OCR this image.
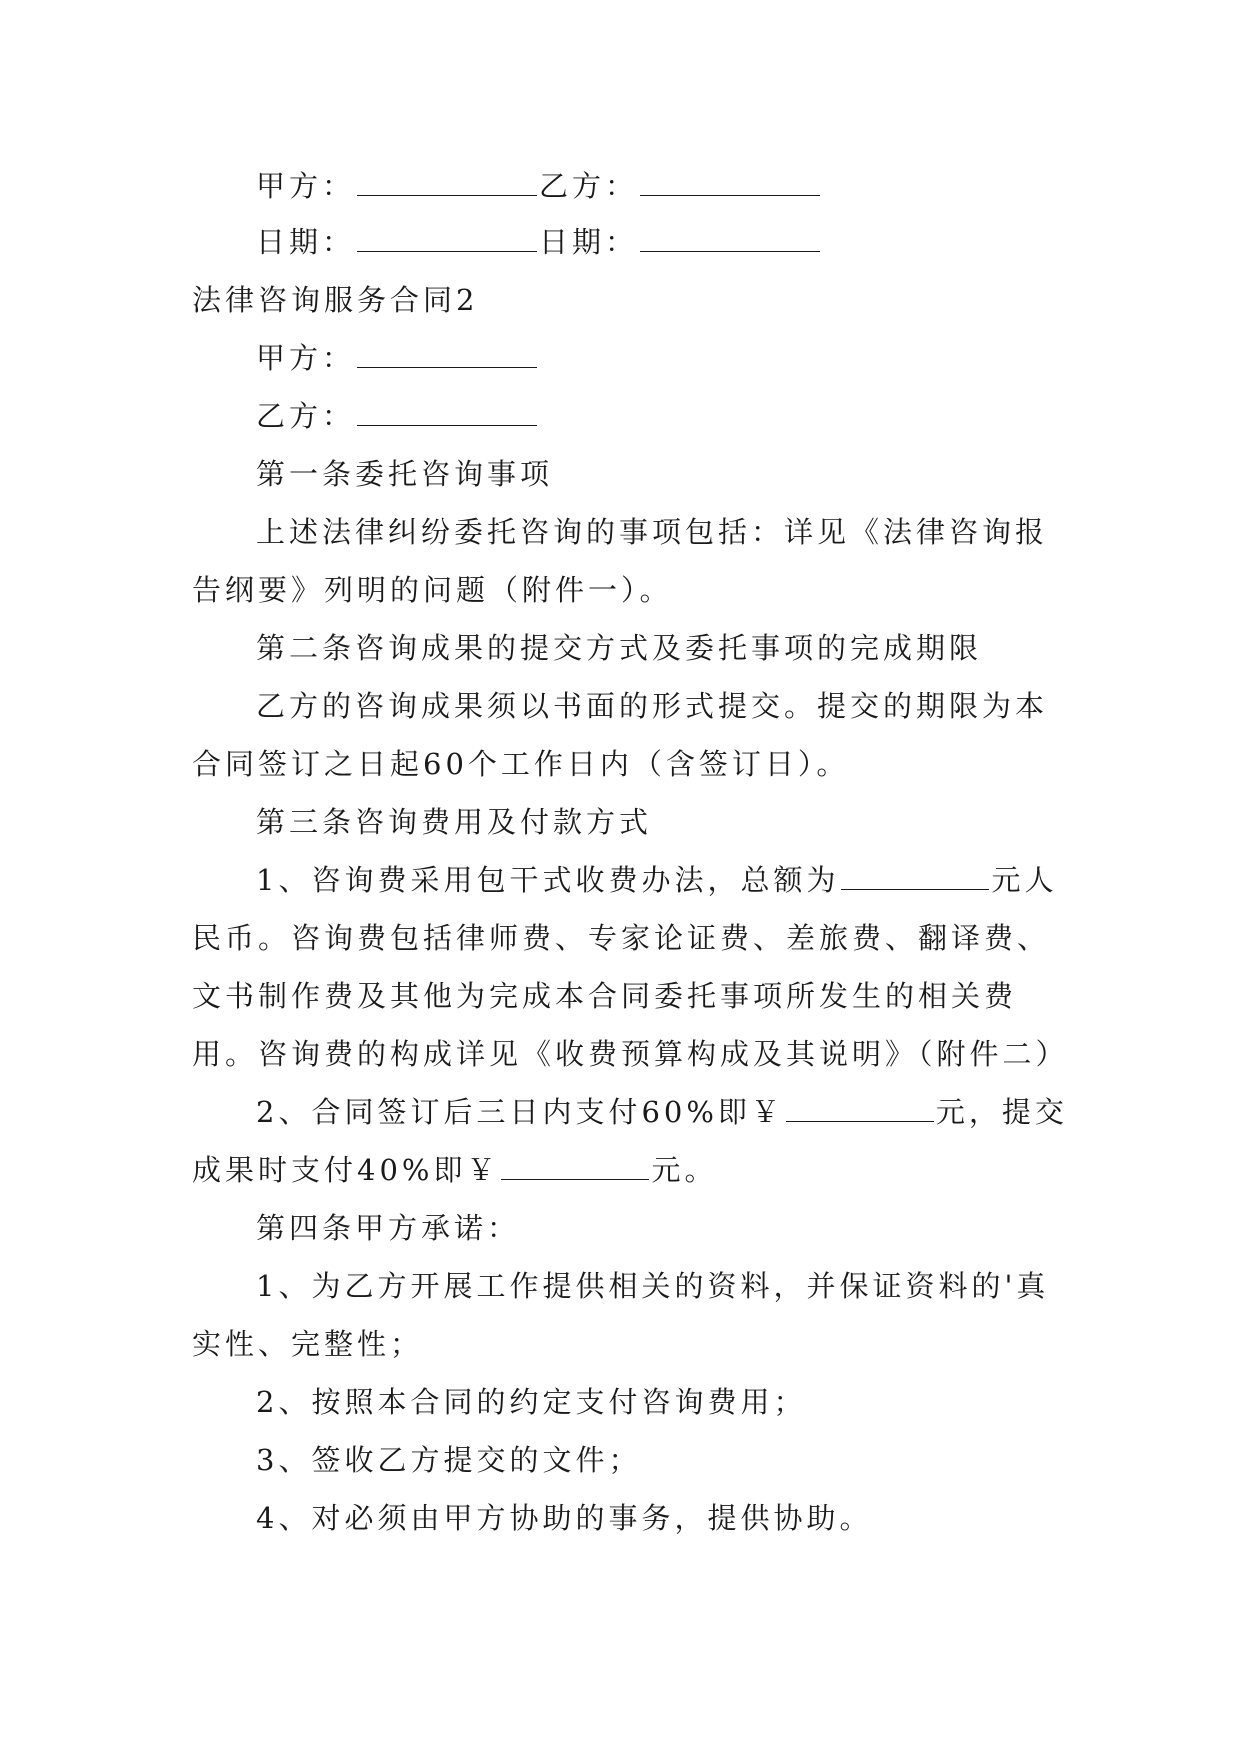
甲方：	乙方：
日期：	日期：
法律咨询服务合同2
甲方：
乙方：
第一条委托咨询事项
上述法律纠纷委托咨询的事项包括：详见《法律咨询报
告纲要》列明的问题（附件一）。
第二条咨询成果的提交方式及委托事项的完成期限
乙方的咨询成果须以书面的形式提交。提交的期限为本
合同签订之日起60个工作日内（含签订日）。
第三条咨询费用及付款方式
1、咨询费采用包干式收费办法，总额为	元人
民币。咨询费包括律师费、专家论证费、差旅费、翻译费、
文书制作费及其他为完成本合同委托事项所发生的相关费
用。咨询费的构成详见《收费预算构成及其说明》（附件二）
2、合同签订后三日内支付60%即￥	元，提交
成果时支付40%即￥	元。
第四条甲方承诺：
1、为乙方开展工作提供相关的资料，并保证资料的'真
实性、完整性；
2、按照本合同的约定支付咨询费用；
3、签收乙方提交的文件；
4、对必须由甲方协助的事务，提供协助。
